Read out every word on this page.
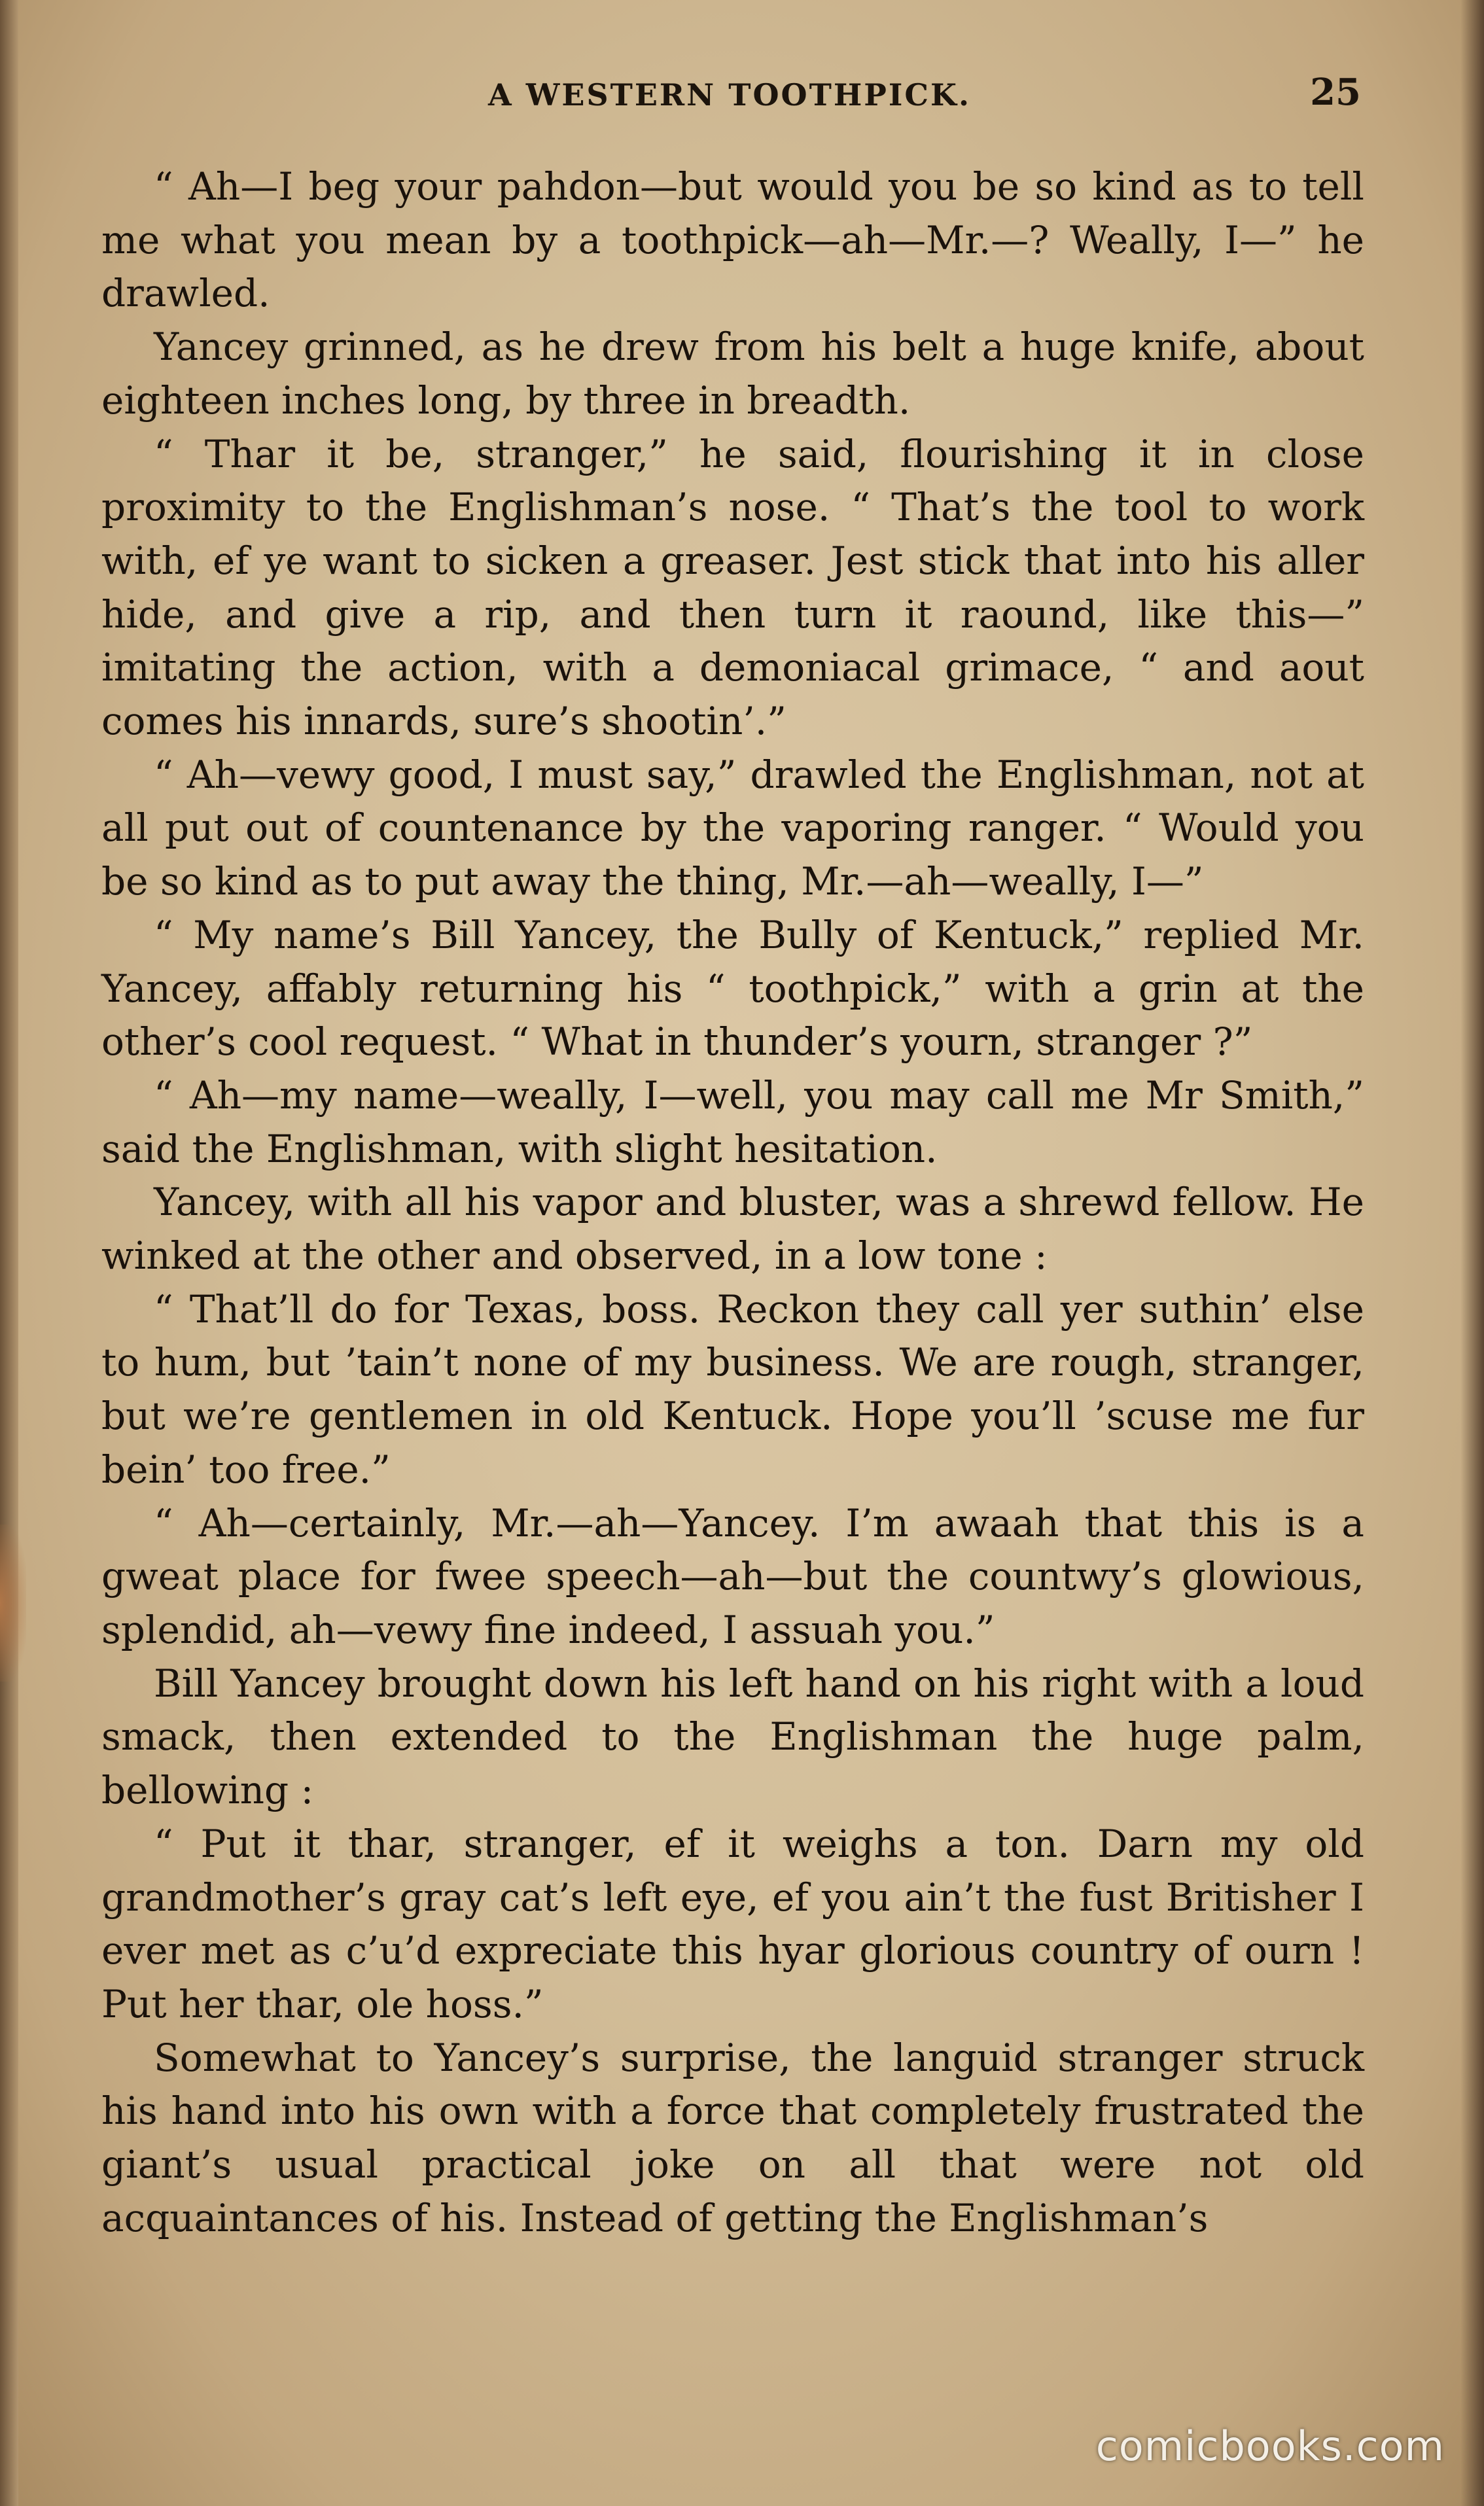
A WESTERN TOOTHPICK.	25

“ Ah—I beg your pahdon—but would you be so kind as to tell me what you mean by a toothpick—ah—Mr.—? Weally, I—” he drawled.

Yancey grinned, as he drew from his belt a huge knife, about eighteen inches long, by three in breadth.

“ Thar it be, stranger,” he said, flourishing it in close proximity to the Englishman’s nose. “ That’s the tool to work with, ef ye want to sicken a greaser. Jest stick that into his aller hide, and give a rip, and then turn it raound, like this—” imitating the action, with a demoniacal grimace, “ and aout comes his innards, sure’s shootin’.”

“ Ah—vewy good, I must say,” drawled the Englishman, not at all put out of countenance by the vaporing ranger. “ Would you be so kind as to put away the thing, Mr.—ah—weally, I—”

“ My name’s Bill Yancey, the Bully of Kentuck,” replied Mr. Yancey, affably returning his “ toothpick,” with a grin at the other’s cool request. “ What in thunder’s yourn, stranger ?”

“ Ah—my name—weally, I—well, you may call me Mr Smith,” said the Englishman, with slight hesitation.

Yancey, with all his vapor and bluster, was a shrewd fellow. He winked at the other and observed, in a low tone :

“ That’ll do for Texas, boss. Reckon they call yer suthin’ else to hum, but ’tain’t none of my business. We are rough, stranger, but we’re gentlemen in old Kentuck. Hope you’ll ’scuse me fur bein’ too free.”

“ Ah—certainly, Mr.—ah—Yancey. I’m awaah that this is a gweat place for fwee speech—ah—but the countwy’s glowious, splendid, ah—vewy fine indeed, I assuah you.”

Bill Yancey brought down his left hand on his right with a loud smack, then extended to the Englishman the huge palm, bellowing :

“ Put it thar, stranger, ef it weighs a ton. Darn my old grandmother’s gray cat’s left eye, ef you ain’t the fust Britisher I ever met as c’u’d expreciate this hyar glorious country of ourn ! Put her thar, ole hoss.”

Somewhat to Yancey’s surprise, the languid stranger struck his hand into his own with a force that completely frustrated the giant’s usual practical joke on all that were not old acquaintances of his. Instead of getting the Englishman’s

comicbooks.com
